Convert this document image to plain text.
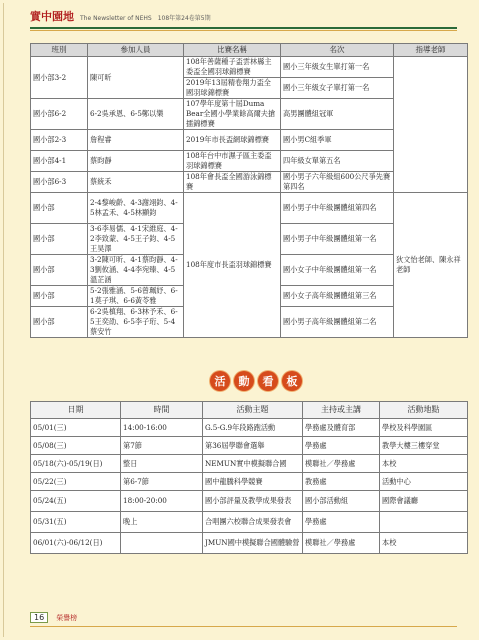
實中園地 The Newsletter of NEHS 108年第24卷第5期
班別	參加人員	比賽名稱	名次	指導老師
國小部3-2	陳可昕	108年善薩種子盃雲林縣主委盃全國羽球錦標賽	國小三年級女生單打第一名	
		2019年13屆精卷翔力盃全國羽球錦標賽	國小三年級女子單打第一名	
國小部6-2	6-2吳承恩、6-5鄭以樂	107學年度第十屆Duma Bear全國小學業餘高爾夫搶擂錦標賽	高男團體組冠軍	
國小部2-3	詹程睿	2019年市長盃網球錦標賽	國小男C組季軍	
國小部4-1	蔡昀靜	108年台中市濕子區主委盃羽球錦標賽	四年級女單第五名	
國小部6-3	蔡統禾	108年會長盃全國游泳錦標賽	國小男子六年級組600公尺爭先賽第四名	
國小部	2-4黎峻齡、4-3謝翊鈞、4-5林孟禾、4-5林顯鈞	108年度市長盃羽球錦標賽	國小男子中年級團體組第四名	狄文怡老師、陳永祥老師
國小部	3-6李易儒、4-1宋維庭、4-2李致蒙、4-5王子鈞、4-5王昊澤		國小男子中年級團體組第一名	
國小部	3-2陳可昕、4-1蔡昀靜、4-3劉攸涵、4-4李宛臻、4-5溫芷涵		國小女子中年級團體組第一名	
國小部	5-2張雅涵、5-6曾珮妤、6-1莫子琪、6-6黃苓雅		國小女子高年級團體組第三名	
國小部	6-2吳槙翔、6-3林予禾、6-5王奕劭、6-5李子珩、5-4蔡安竹		國小男子高年級團體組第二名	
活	動	看	板
日期	時間	活動主題	主持或主講	活動地點
05/01(三)	14:00-16:00	G.5-G.9年段路跑活動	學務處及體育部	學校及科學園區
05/08(三)	第7節	第36屆學聯會選舉	學務處	教學大樓三樓穿堂
05/18(六)-05/19(日)	整日	NEMUN實中模擬聯合國	模聯社／學務處	本校
05/22(三)	第6-7節	國中龍騰科學競賽	教務處	活動中心
05/24(五)	18:00-20:00	國小部評量及教學成果發表	國小部活動組	國際會議廳
05/31(五)	晚上	合唱團六校聯合成果發表會	學務處	
06/01(六)-06/12(日)		JMUN國中模擬聯合國體驗營	模聯社／學務處	本校
16	榮譽榜
